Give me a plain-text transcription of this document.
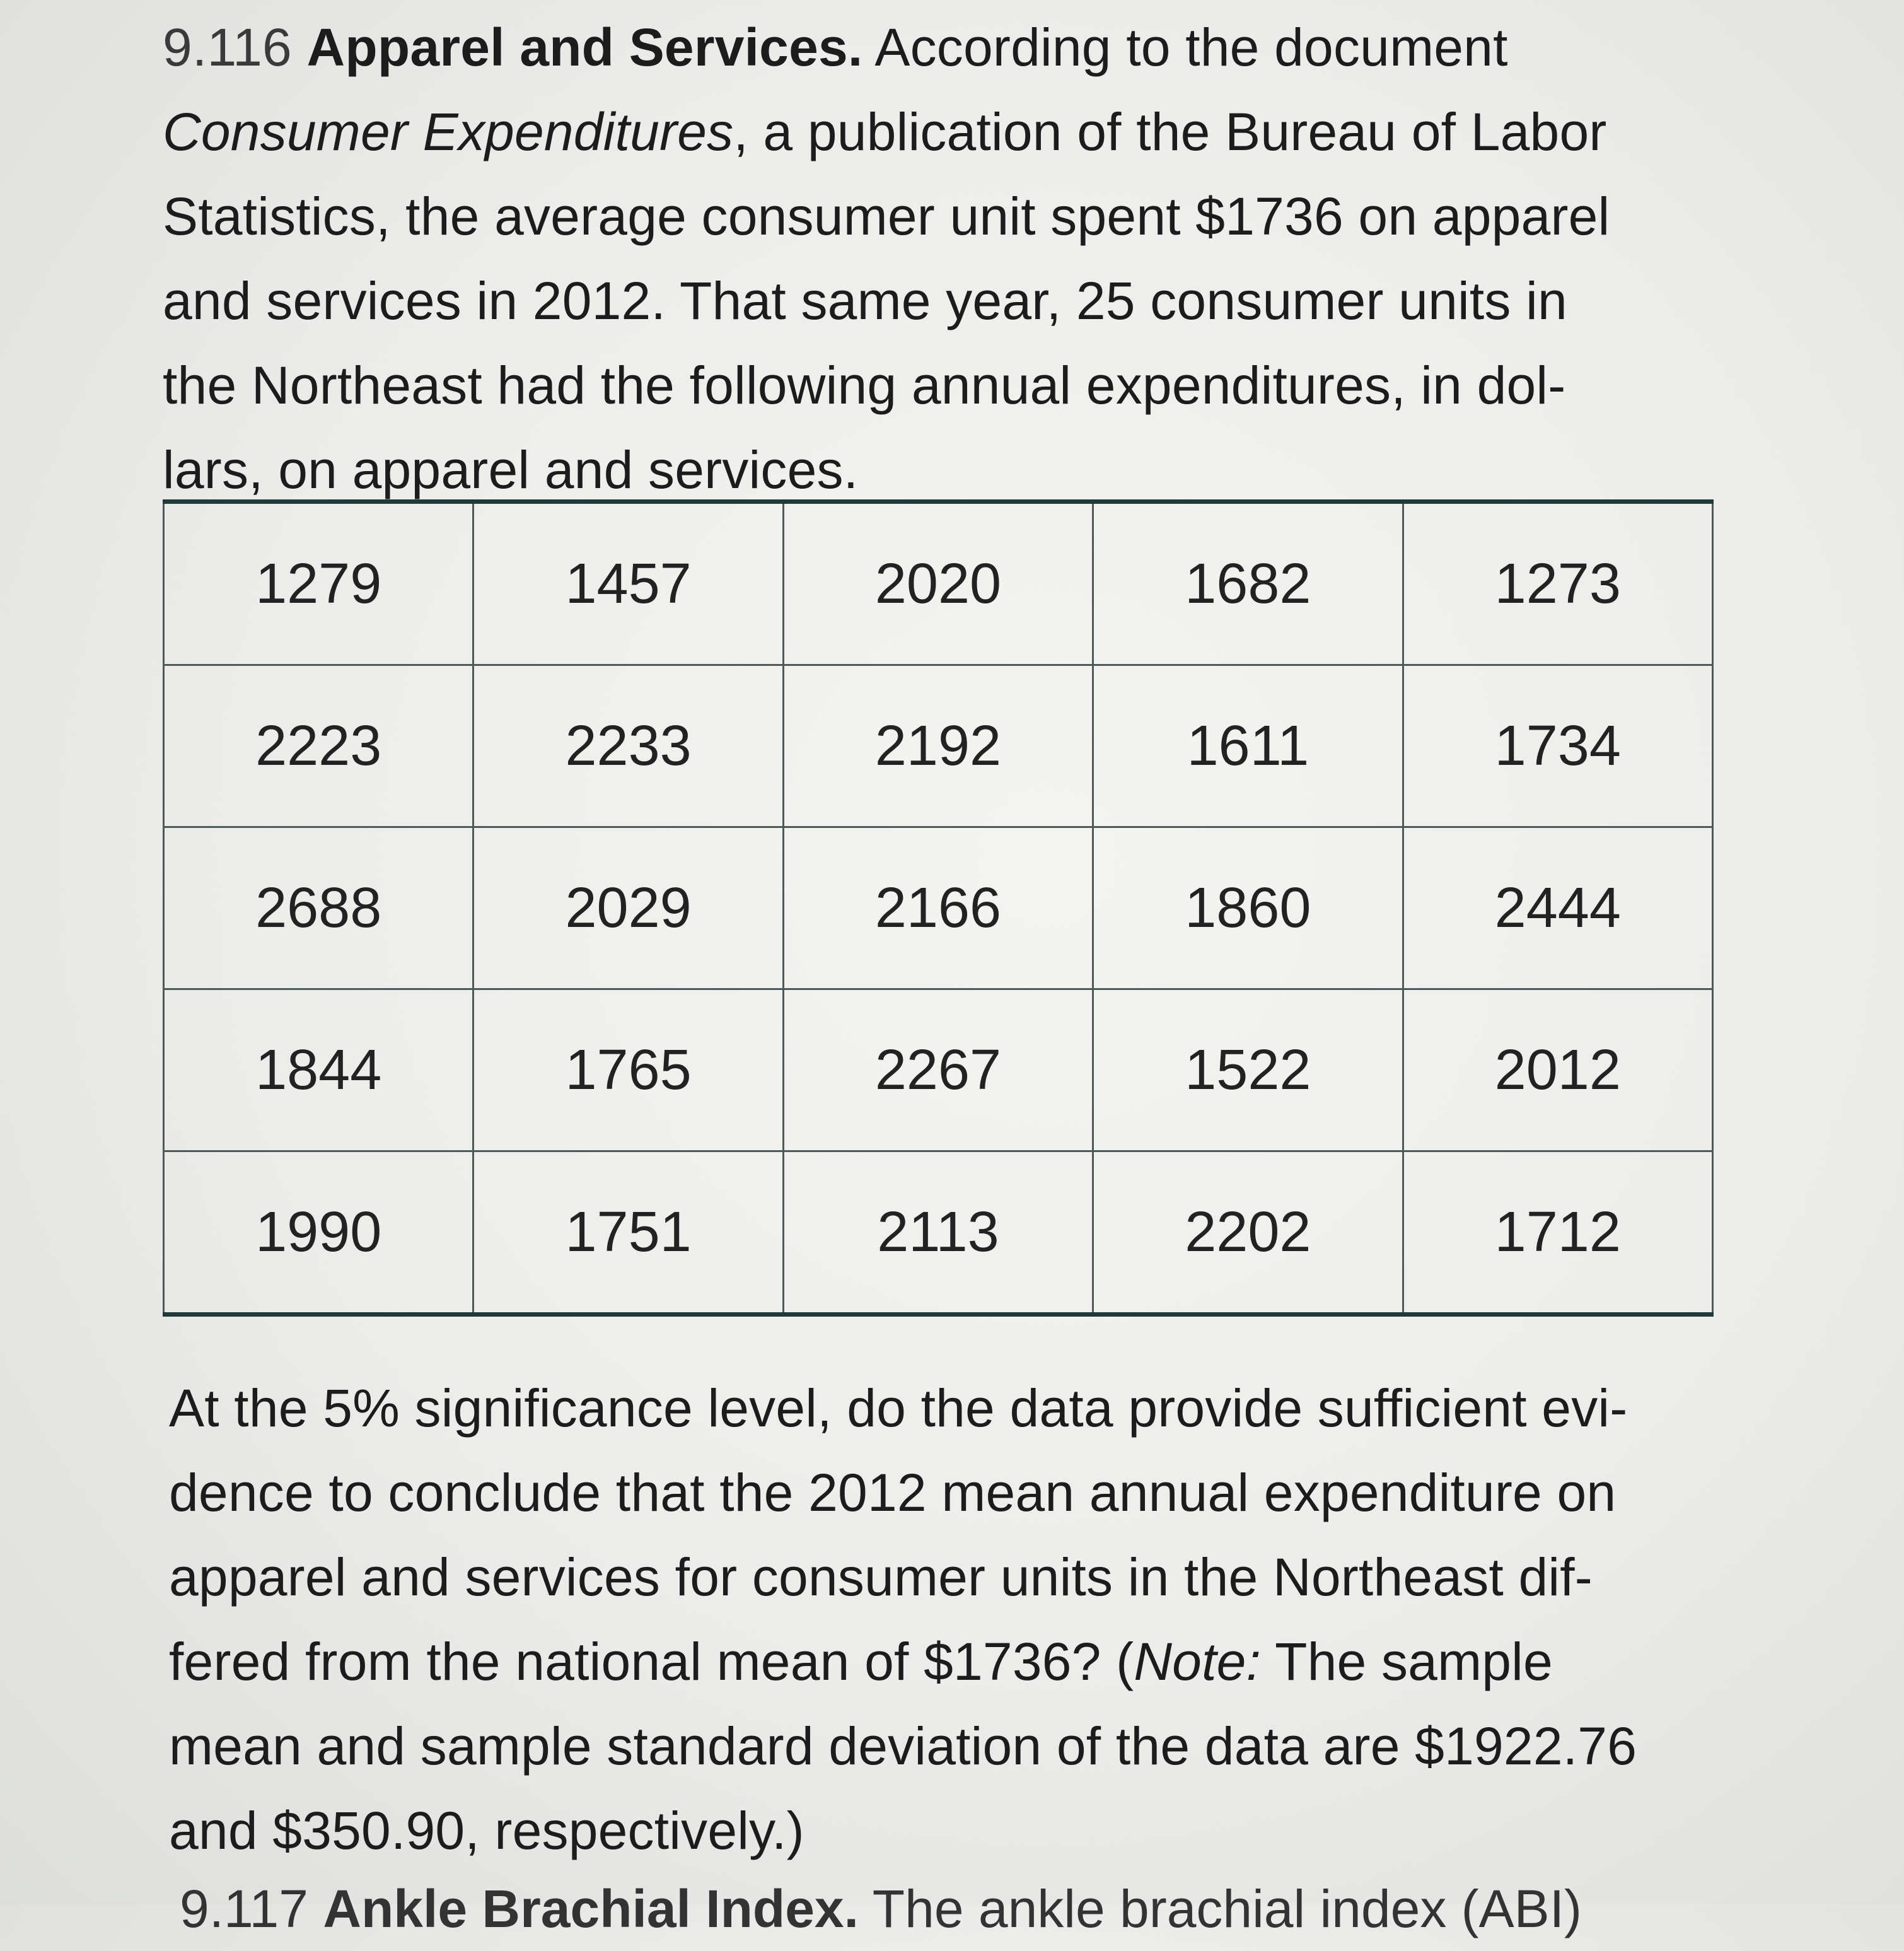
9.116 Apparel and Services. According to the document
Consumer Expenditures, a publication of the Bureau of Labor
Statistics, the average consumer unit spent $1736 on apparel
and services in 2012. That same year, 25 consumer units in
the Northeast had the following annual expenditures, in dol-
lars, on apparel and services.
1279	1457	2020	1682	1273
2223	2233	2192	1611	1734
2688	2029	2166	1860	2444
1844	1765	2267	1522	2012
1990	1751	2113	2202	1712
At the 5% significance level, do the data provide sufficient evi-
dence to conclude that the 2012 mean annual expenditure on
apparel and services for consumer units in the Northeast dif-
fered from the national mean of $1736? (Note: The sample
mean and sample standard deviation of the data are $1922.76
and $350.90, respectively.)
9.117 Ankle Brachial Index. The ankle brachial index (ABI)
